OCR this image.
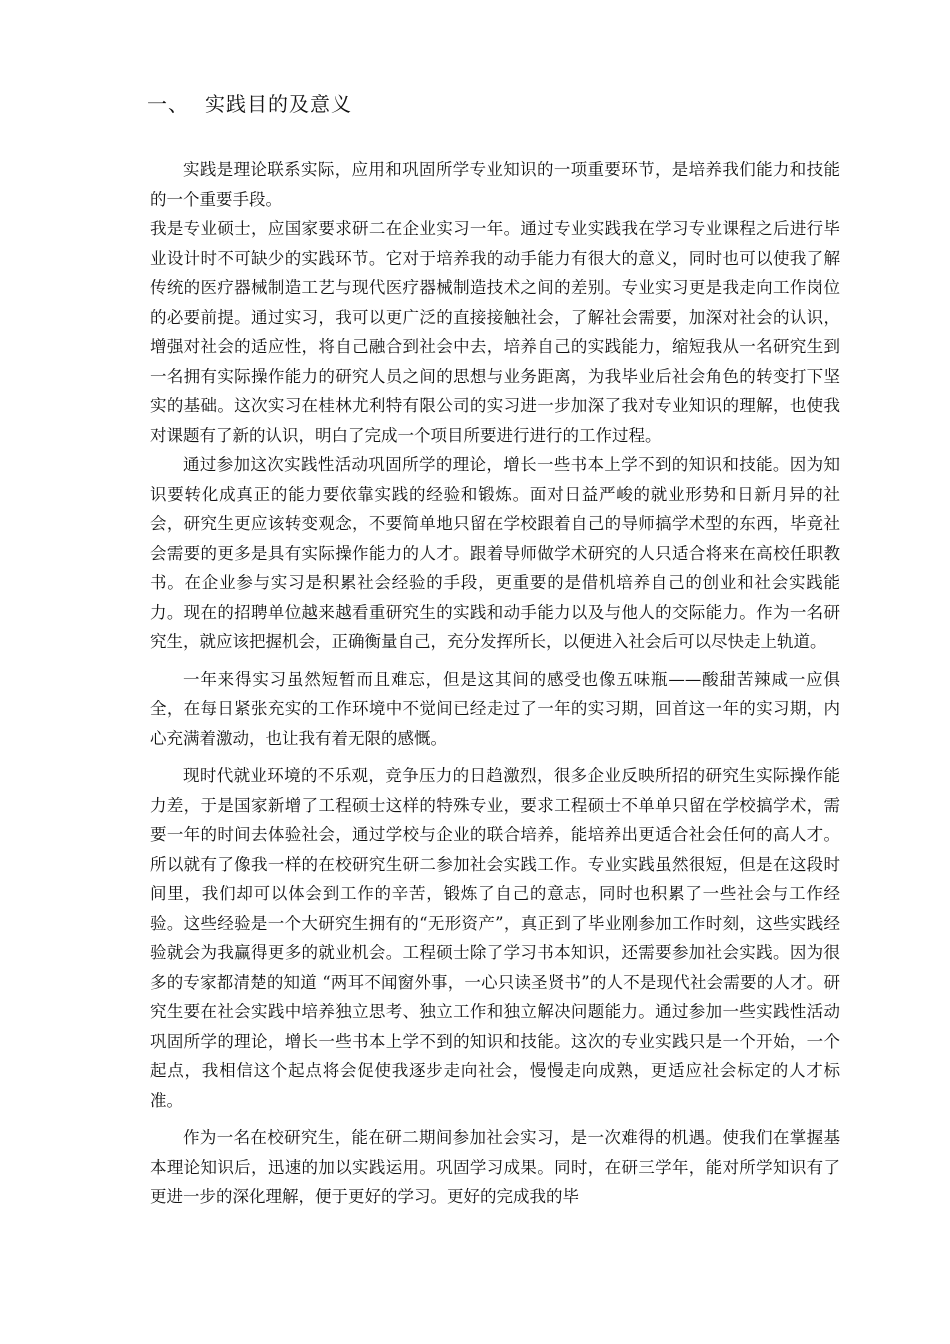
一、 实践目的及意义

实践是理论联系实际，应用和巩固所学专业知识的一项重要环节，是培养我们能力和技能的一个重要手段。

我是专业硕士，应国家要求研二在企业实习一年。通过专业实践我在学习专业课程之后进行毕业设计时不可缺少的实践环节。它对于培养我的动手能力有很大的意义，同时也可以使我了解传统的医疗器械制造工艺与现代医疗器械制造技术之间的差别。专业实习更是我走向工作岗位的必要前提。通过实习，我可以更广泛的直接接触社会，了解社会需要，加深对社会的认识，增强对社会的适应性，将自己融合到社会中去，培养自己的实践能力，缩短我从一名研究生到一名拥有实际操作能力的研究人员之间的思想与业务距离，为我毕业后社会角色的转变打下坚实的基础。这次实习在桂林尤利特有限公司的实习进一步加深了我对专业知识的理解，也使我对课题有了新的认识，明白了完成一个项目所要进行进行的工作过程。

通过参加这次实践性活动巩固所学的理论，增长一些书本上学不到的知识和技能。因为知识要转化成真正的能力要依靠实践的经验和锻炼。面对日益严峻的就业形势和日新月异的社会，研究生更应该转变观念，不要简单地只留在学校跟着自己的导师搞学术型的东西，毕竟社会需要的更多是具有实际操作能力的人才。跟着导师做学术研究的人只适合将来在高校任职教书。在企业参与实习是积累社会经验的手段，更重要的是借机培养自己的创业和社会实践能力。现在的招聘单位越来越看重研究生的实践和动手能力以及与他人的交际能力。作为一名研究生，就应该把握机会，正确衡量自己，充分发挥所长，以便进入社会后可以尽快走上轨道。

一年来得实习虽然短暂而且难忘，但是这其间的感受也像五味瓶——酸甜苦辣咸一应俱全，在每日紧张充实的工作环境中不觉间已经走过了一年的实习期，回首这一年的实习期，内心充满着激动，也让我有着无限的感慨。

现时代就业环境的不乐观，竞争压力的日趋激烈，很多企业反映所招的研究生实际操作能力差，于是国家新增了工程硕士这样的特殊专业，要求工程硕士不单单只留在学校搞学术，需要一年的时间去体验社会，通过学校与企业的联合培养，能培养出更适合社会任何的高人才。所以就有了像我一样的在校研究生研二参加社会实践工作。专业实践虽然很短，但是在这段时间里，我们却可以体会到工作的辛苦，锻炼了自己的意志，同时也积累了一些社会与工作经验。这些经验是一个大研究生拥有的“无形资产”，真正到了毕业刚参加工作时刻，这些实践经验就会为我赢得更多的就业机会。工程硕士除了学习书本知识，还需要参加社会实践。因为很多的专家都清楚的知道 “两耳不闻窗外事，一心只读圣贤书”的人不是现代社会需要的人才。研究生要在社会实践中培养独立思考、独立工作和独立解决问题能力。通过参加一些实践性活动巩固所学的理论，增长一些书本上学不到的知识和技能。这次的专业实践只是一个开始，一个起点，我相信这个起点将会促使我逐步走向社会，慢慢走向成熟，更适应社会标定的人才标准。

作为一名在校研究生，能在研二期间参加社会实习，是一次难得的机遇。使我们在掌握基本理论知识后，迅速的加以实践运用。巩固学习成果。同时，在研三学年，能对所学知识有了更进一步的深化理解，便于更好的学习。更好的完成我的毕
